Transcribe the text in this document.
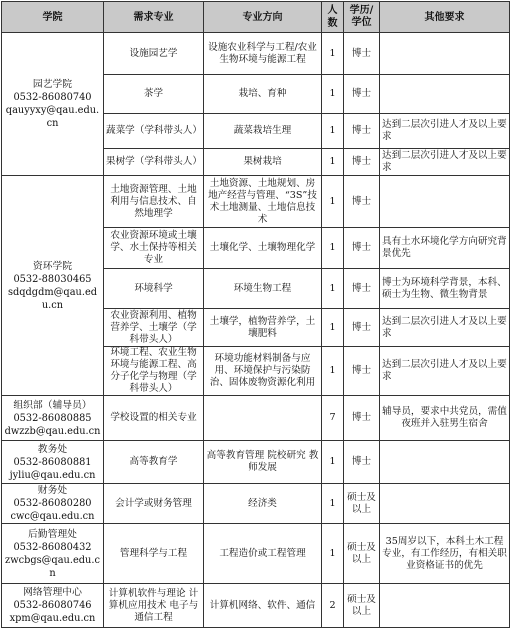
学院	需求专业	专业方向	人数	学历/学位	其他要求

园艺学院
0532-86080740
qauyyxy@qau.edu.cn	设施园艺学	设施农业科学与工程/农业生物环境与能源工程	1	博士	
	茶学	栽培、育种	1	博士	
	蔬菜学（学科带头人）	蔬菜栽培生理	1	博士	达到二层次引进人才及以上要求
	果树学（学科带头人）	果树栽培	1	博士	达到二层次引进人才及以上要求

资环学院
0532-88030465
sdqdgdm@qau.edu.cn	土地资源管理、土地利用与信息技术、自然地理学	土地资源、土地规划、房地产经营与管理、“3S”技术土地测量、土地信息技术	1	博士	
	农业资源环境或土壤学、水土保持等相关专业	土壤化学、土壤物理化学	1	博士	具有土水环境化学方向研究背景优先
	环境科学	环境生物工程	1	博士	博士为环境科学背景，本科、硕士为生物、微生物背景
	农业资源利用、植物营养学、土壤学（学科带头人）	土壤学，植物营养学，土壤肥料	1	博士	达到二层次引进人才及以上要求
	环境工程、农业生物环境与能源工程、高分子化学与物理（学科带头人）	环境功能材料制备与应用、环境保护与污染防治、固体废物资源化利用	1	博士	达到二层次引进人才及以上要求

组织部（辅导员）
0532-86080885
dwzzb@qau.edu.cn	学校设置的相关专业		7	博士	辅导员，要求中共党员，需值夜班并入驻男生宿舍

教务处
0532-86080881
jyliu@qau.edu.cn	高等教育学	高等教育管理 院校研究 教师发展	1	博士	

财务处
0532-86080280
cwc@qau.edu.cn	会计学或财务管理	经济类	1	硕士及以上	

后勤管理处
0532-86080432
zwcbgs@qau.edu.cn	管理科学与工程	工程造价或工程管理	1	硕士及以上	35周岁以下，本科土木工程专业，有工作经历，有相关职业资格证书的优先

网络管理中心
0532-86080746
xpm@qau.edu.cn	计算机软件与理论 计算机应用技术 电子与通信工程	计算机网络、软件、通信	2	硕士及以上	
